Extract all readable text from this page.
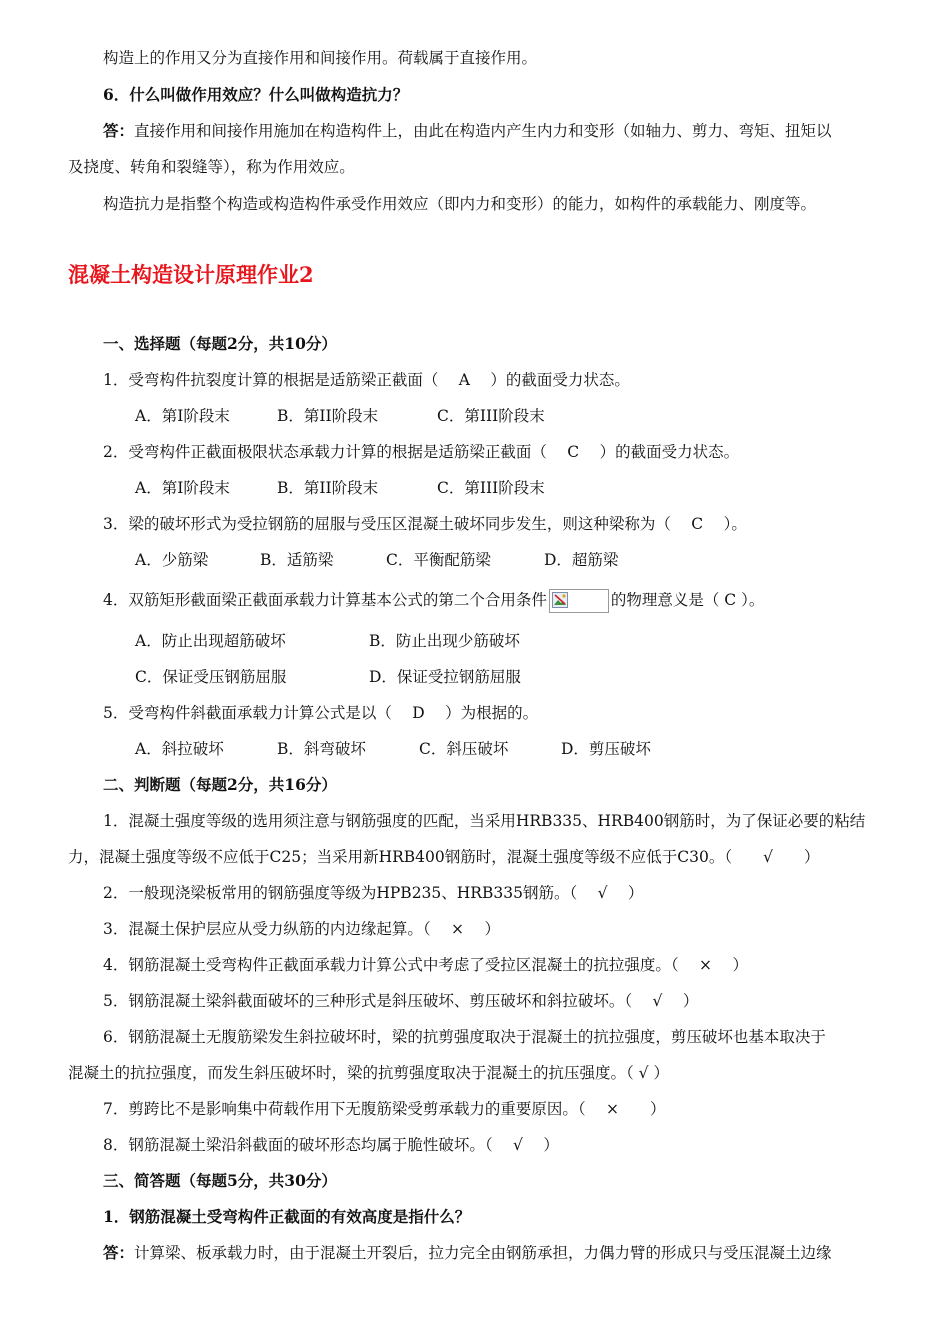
构造上的作用又分为直接作用和间接作用。荷载属于直接作用。
6．什么叫做作用效应？什么叫做构造抗力？
答：直接作用和间接作用施加在构造构件上，由此在构造内产生内力和变形（如轴力、剪力、弯矩、扭矩以
及挠度、转角和裂缝等），称为作用效应。
构造抗力是指整个构造或构造构件承受作用效应（即内力和变形）的能力，如构件的承载能力、刚度等。
混凝土构造设计原理作业2
一、选择题（每题2分，共10分）
1．受弯构件抗裂度计算的根据是适筋梁正截面（　 A　 ）的截面受力状态。
A．第I阶段末	B．第II阶段末	C．第III阶段末
2．受弯构件正截面极限状态承载力计算的根据是适筋梁正截面（　 C　 ）的截面受力状态。
A．第I阶段末	B．第II阶段末	C．第III阶段末
3．梁的破坏形式为受拉钢筋的屈服与受压区混凝土破坏同步发生，则这种梁称为（　 C　 ）。
A．少筋梁	B．适筋梁	C．平衡配筋梁	D．超筋梁
4．双筋矩形截面梁正截面承载力计算基本公式的第二个合用条件	的物理意义是（ C ）。
A．防止出现超筋破坏	B．防止出现少筋破坏
C．保证受压钢筋屈服	D．保证受拉钢筋屈服
5．受弯构件斜截面承载力计算公式是以（　 D　 ）为根据的。
A．斜拉破坏	B．斜弯破坏	C．斜压破坏	D．剪压破坏
二、判断题（每题2分，共16分）
1．混凝土强度等级的选用须注意与钢筋强度的匹配，当采用HRB335、HRB400钢筋时，为了保证必要的粘结
力，混凝土强度等级不应低于C25；当采用新HRB400钢筋时，混凝土强度等级不应低于C30。（　　√　　）
2．一般现浇梁板常用的钢筋强度等级为HPB235、HRB335钢筋。（　 √　 ）
3．混凝土保护层应从受力纵筋的内边缘起算。（　 ×　 ）
4．钢筋混凝土受弯构件正截面承载力计算公式中考虑了受拉区混凝土的抗拉强度。（　 ×　 ）
5．钢筋混凝土梁斜截面破坏的三种形式是斜压破坏、剪压破坏和斜拉破坏。（　 √　 ）
6．钢筋混凝土无腹筋梁发生斜拉破坏时，梁的抗剪强度取决于混凝土的抗拉强度，剪压破坏也基本取决于
混凝土的抗拉强度，而发生斜压破坏时，梁的抗剪强度取决于混凝土的抗压强度。（ √ ）
7．剪跨比不是影响集中荷载作用下无腹筋梁受剪承载力的重要原因。（　 ×　　）
8．钢筋混凝土梁沿斜截面的破坏形态均属于脆性破坏。（　 √　 ）
三、简答题（每题5分，共30分）
1．钢筋混凝土受弯构件正截面的有效高度是指什么？
答：计算梁、板承载力时，由于混凝土开裂后，拉力完全由钢筋承担，力偶力臂的形成只与受压混凝土边缘
